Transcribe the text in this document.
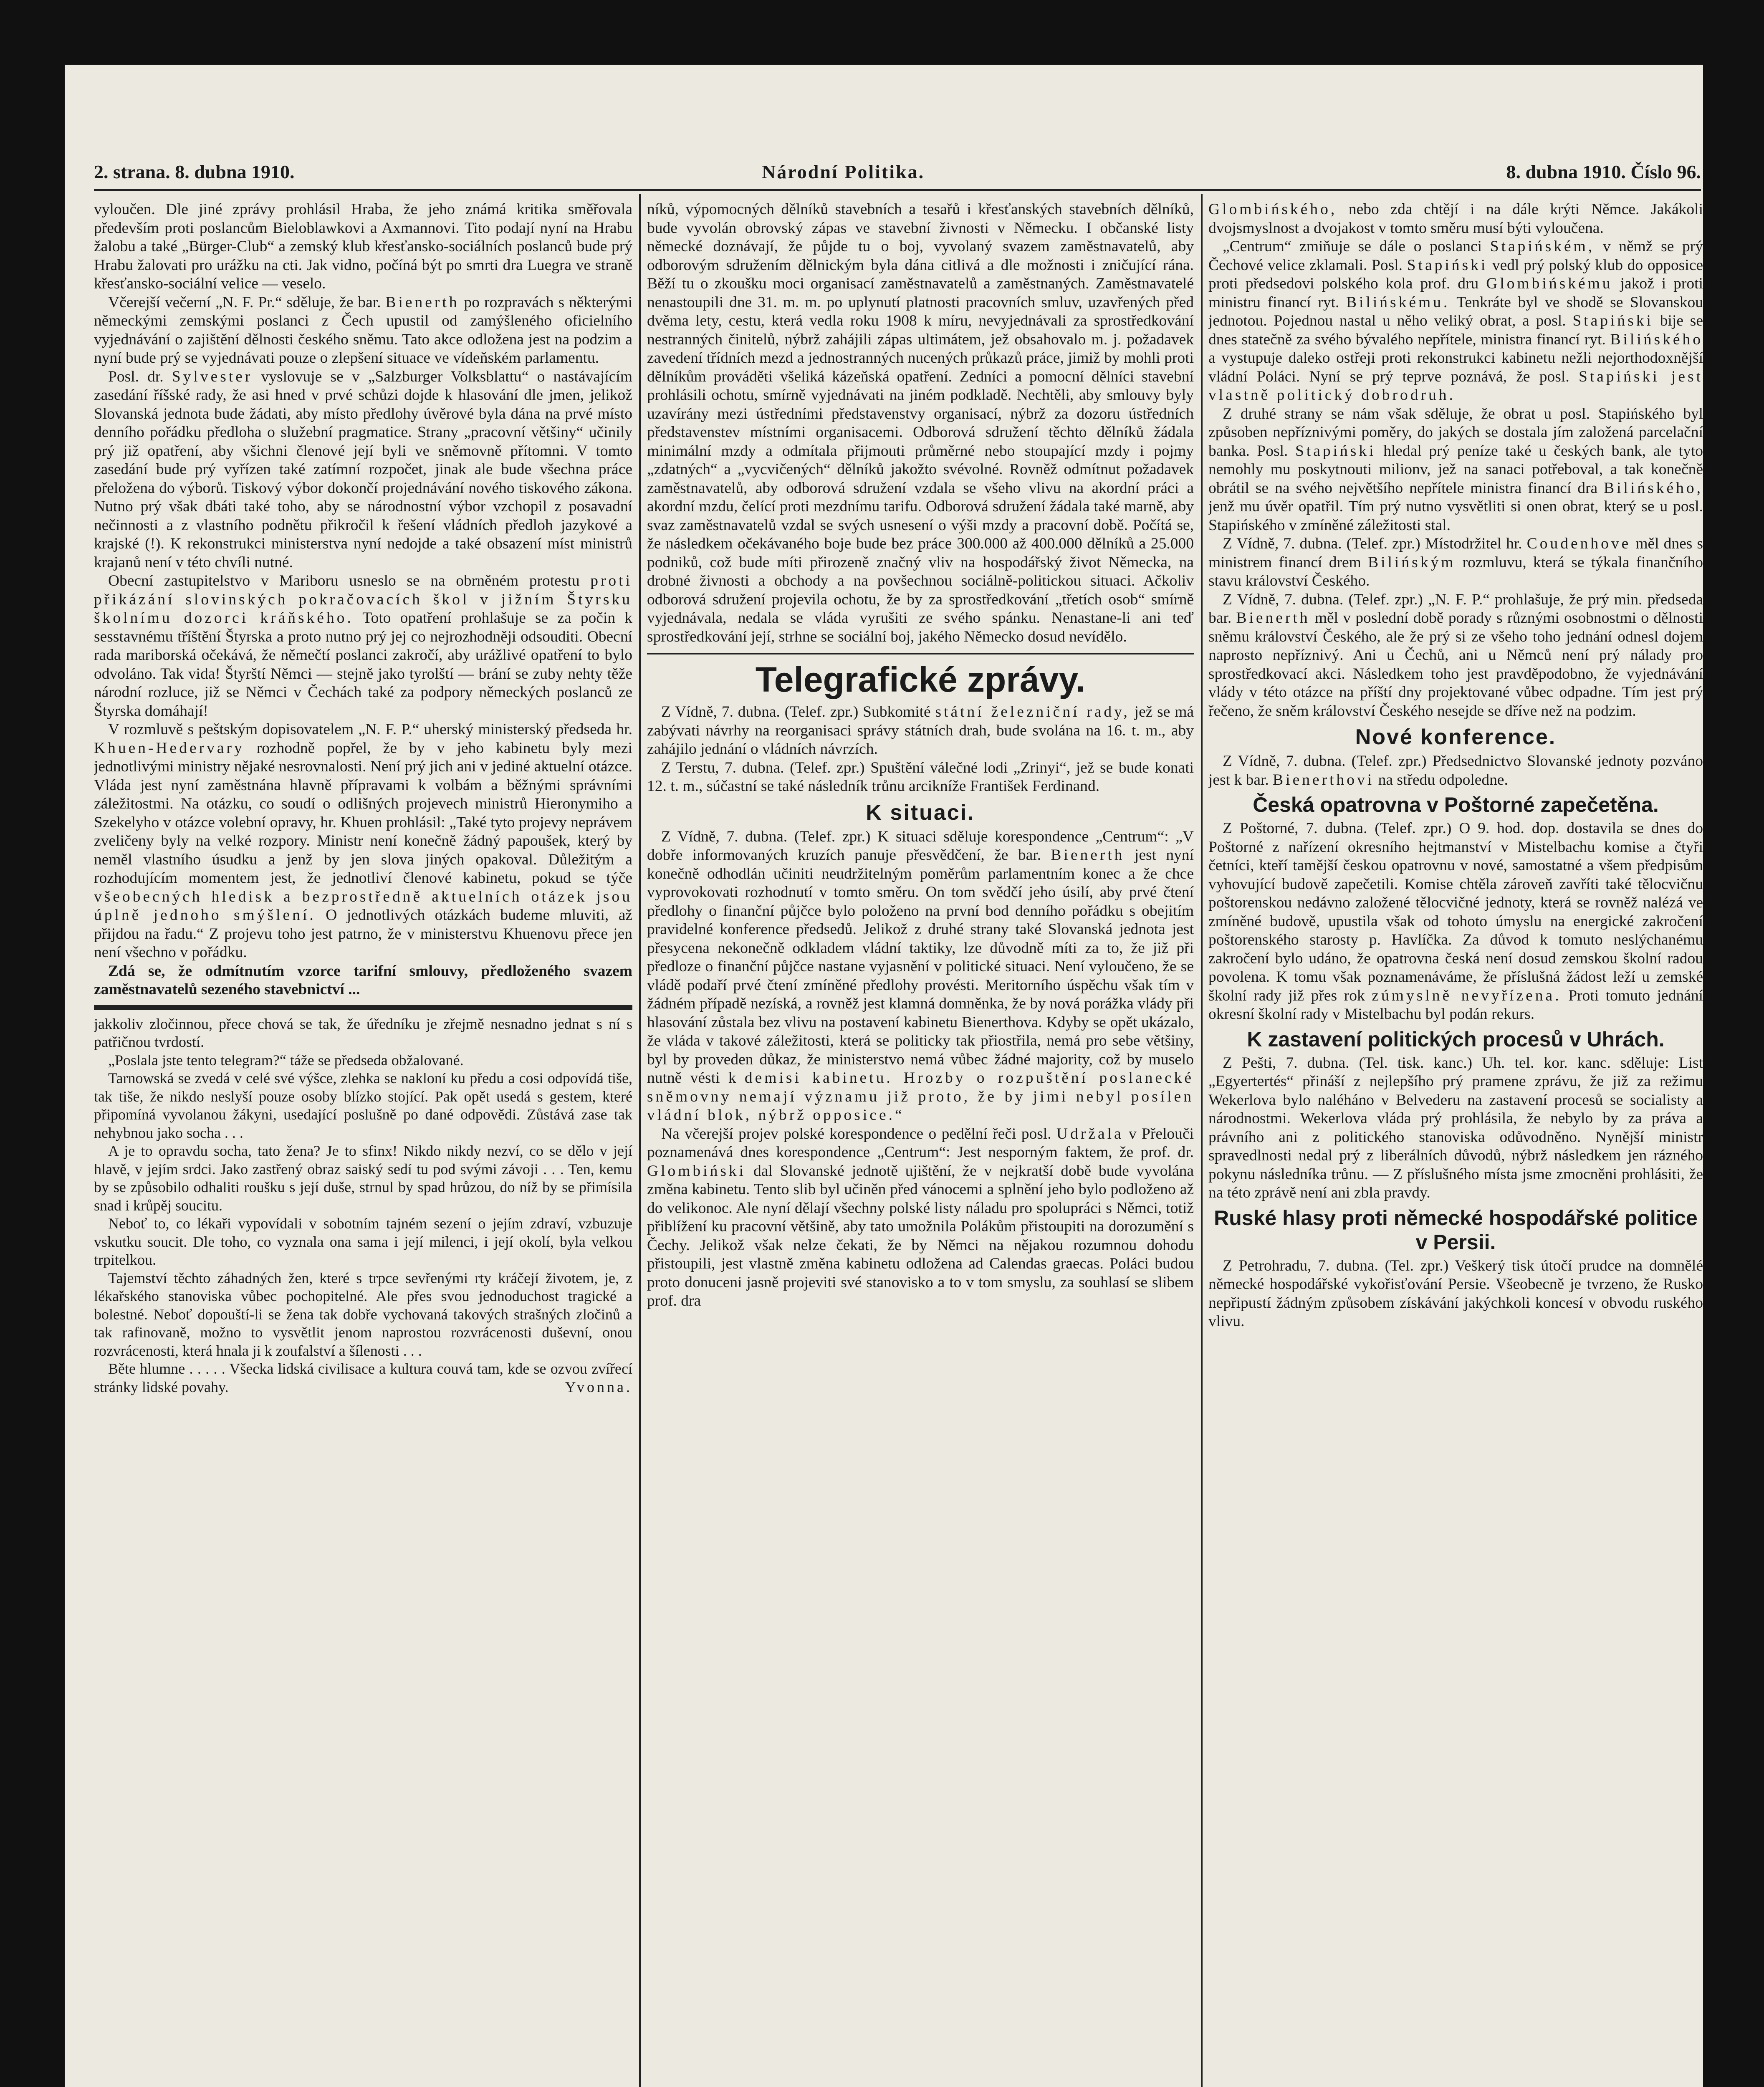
2. strana. 8. dubna 1910.	Národní Politika.	8. dubna 1910. Číslo 96.

vyloučen. Dle jiné zprávy prohlásil Hraba, že jeho známá kritika směřovala především proti poslancům Bieloblawkovi a Axmannovi. Tito podají nyní na Hrabu žalobu a také „Bürger-Club“ a zemský klub křesťansko-sociálních poslanců bude prý Hrabu žalovati pro urážku na cti. Jak vidno, počíná být po smrti dra Luegra ve straně křesťansko-sociální velice — veselo.

Včerejší večerní „N. F. Pr.“ sděluje, že bar. Bienerth po rozpravách s některými německými zemskými poslanci z Čech upustil od zamýšleného oficielního vyjednávání o zajištění dělnosti českého sněmu. Tato akce odložena jest na podzim a nyní bude prý se vyjednávati pouze o zlepšení situace ve vídeňském parlamentu.

Posl. dr. Sylvester vyslovuje se v „Salzburger Volksblattu“ o nastávajícím zasedání říšské rady, že asi hned v prvé schůzi dojde k hlasování dle jmen, jelikož Slovanská jednota bude žádati, aby místo předlohy úvěrové byla dána na prvé místo denního pořádku předloha o služební pragmatice. Strany „pracovní většiny“ učinily prý již opatření, aby všichni členové její byli ve sněmovně přítomni. V tomto zasedání bude prý vyřízen také zatímní rozpočet, jinak ale bude všechna práce přeložena do výborů. Tiskový výbor dokončí projednávání nového tiskového zákona. Nutno prý však dbáti také toho, aby se národnostní výbor vzchopil z posavadní nečinnosti a z vlastního podnětu přikročil k řešení vládních předloh jazykové a krajské (!). K rekonstrukci ministerstva nyní nedojde a také obsazení míst ministrů krajanů není v této chvíli nutné.

Obecní zastupitelstvo v Mariboru usneslo se na obrněném protestu proti přikázání slovinských pokračovacích škol v jižním Štyrsku školnímu dozorci kráňského. Toto opatření prohlašuje se za počin k sesstavnému tříštění Štyrska a proto nutno prý jej co nejrozhodněji odsouditi. Obecní rada mariborská očekává, že němečtí poslanci zakročí, aby urážlivé opatření to bylo odvoláno. Tak vida! Štyrští Němci — stejně jako tyrolští — brání se zuby nehty těže národní rozluce, již se Němci v Čechách také za podpory německých poslanců ze Štyrska domáhají!

V rozmluvě s peštským dopisovatelem „N. F. P.“ uherský ministerský předseda hr. Khuen-Hedervary rozhodně popřel, že by v jeho kabinetu byly mezi jednotlivými ministry nějaké nesrovnalosti. Není prý jich ani v jediné aktuelní otázce. Vláda jest nyní zaměstnána hlavně přípravami k volbám a běžnými správními záležitostmi. Na otázku, co soudí o odlišných projevech ministrů Hieronymiho a Szekelyho v otázce volební opravy, hr. Khuen prohlásil: „Také tyto projevy neprávem zveličeny byly na velké rozpory. Ministr není konečně žádný papoušek, který by neměl vlastního úsudku a jenž by jen slova jiných opakoval. Důležitým a rozhodujícím momentem jest, že jednotliví členové kabinetu, pokud se týče všeobecných hledisk a bezprostředně aktuelních otázek jsou úplně jednoho smýšlení. O jednotlivých otázkách budeme mluviti, až přijdou na řadu.“ Z projevu toho jest patrno, že v ministerstvu Khuenovu přece jen není všechno v pořádku.

Zdá se, že odmítnutím vzorce tarifní smlouvy, předloženého svazem zaměstnavatelů sezeného stavebnictví ...

jakkoliv zločinnou, přece chová se tak, že úředníku je zřejmě nesnadno jednat s ní s patřičnou tvrdostí.

„Poslala jste tento telegram?“ táže se předseda obžalované.

Tarnowská se zvedá v celé své výšce, zlehka se nakloní ku předu a cosi odpovídá tiše, tak tiše, že nikdo neslyší pouze osoby blízko stojící. Pak opět usedá s gestem, které připomíná vyvolanou žákyni, usedající poslušně po dané odpovědi. Zůstává zase tak nehybnou jako socha . . .

A je to opravdu socha, tato žena? Je to sfinx! Nikdo nikdy nezví, co se dělo v její hlavě, v jejím srdci. Jako zastřený obraz saiský sedí tu pod svými závoji . . . Ten, kemu by se způsobilo odhaliti roušku s její duše, strnul by spad hrůzou, do níž by se přimísila snad i krůpěj soucitu.

Neboť to, co lékaři vypovídali v sobotním tajném sezení o jejím zdraví, vzbuzuje vskutku soucit. Dle toho, co vyznala ona sama i její milenci, i její okolí, byla velkou trpitelkou.

Tajemství těchto záhadných žen, které s trpce sevřenými rty kráčejí životem, je, z lékařského stanoviska vůbec pochopitelné. Ale přes svou jednoduchost tragické a bolestné. Neboť dopouští-li se žena tak dobře vychovaná takových strašných zločinů a tak rafinovaně, možno to vysvětlit jenom naprostou rozvrácenosti duševní, onou rozvrácenosti, která hnala ji k zoufalství a šílenosti . . .

Běte hlumne . . . . . Všecka lidská civilisace a kultura couvá tam, kde se ozvou zvířecí stránky lidské povahy.	Yvonna.

níků, výpomocných dělníků stavebních a tesařů i křesťanských stavebních dělníků, bude vyvolán obrovský zápas ve stavební živnosti v Německu. I občanské listy německé doznávají, že půjde tu o boj, vyvolaný svazem zaměstnavatelů, aby odborovým sdružením dělnickým byla dána citlivá a dle možnosti i zničující rána. Běží tu o zkoušku moci organisací zaměstnavatelů a zaměstnaných. Zaměstnavatelé nenastoupili dne 31. m. m. po uplynutí platnosti pracovních smluv, uzavřených před dvěma lety, cestu, která vedla roku 1908 k míru, nevyjednávali za sprostředkování nestranných činitelů, nýbrž zahájili zápas ultimátem, jež obsahovalo m. j. požadavek zavedení třídních mezd a jednostranných nucených průkazů práce, jimiž by mohli proti dělníkům prováděti všeliká kázeňská opatření. Zedníci a pomocní dělníci stavební prohlásili ochotu, smírně vyjednávati na jiném podkladě. Nechtěli, aby smlouvy byly uzavírány mezi ústředními představenstvy organisací, nýbrž za dozoru ústředních představenstev místními organisacemi. Odborová sdružení těchto dělníků žádala minimální mzdy a odmítala přijmouti průměrné nebo stoupající mzdy i pojmy „zdatných“ a „vycvičených“ dělníků jakožto svévolné. Rovněž odmítnut požadavek zaměstnavatelů, aby odborová sdružení vzdala se všeho vlivu na akordní práci a akordní mzdu, čelící proti mezdnímu tarifu. Odborová sdružení žádala také marně, aby svaz zaměstnavatelů vzdal se svých usnesení o výši mzdy a pracovní době. Počítá se, že následkem očekávaného boje bude bez práce 300.000 až 400.000 dělníků a 25.000 podniků, což bude míti přirozeně značný vliv na hospodářský život Německa, na drobné živnosti a obchody a na povšechnou sociálně-politickou situaci. Ačkoliv odborová sdružení projevila ochotu, že by za sprostředkování „třetích osob“ smírně vyjednávala, nedala se vláda vyrušiti ze svého spánku. Nenastane-li ani teď sprostředkování její, strhne se sociální boj, jakého Německo dosud nevídělo.

Telegrafické zprávy.

Z Vídně, 7. dubna. (Telef. zpr.) Subkomité státní železniční rady, jež se má zabývati návrhy na reorganisaci správy státních drah, bude svolána na 16. t. m., aby zahájilo jednání o vládních návrzích.

Z Terstu, 7. dubna. (Telef. zpr.) Spuštění válečné lodi „Zrinyi“, jež se bude konati 12. t. m., súčastní se také následník trůnu arcikníže František Ferdinand.

K situaci.

Z Vídně, 7. dubna. (Telef. zpr.) K situaci sděluje korespondence „Centrum“: „V dobře informovaných kruzích panuje přesvědčení, že bar. Bienerth jest nyní konečně odhodlán učiniti neudržitelným poměrům parlamentním konec a že chce vyprovokovati rozhodnutí v tomto směru. On tom svědčí jeho úsilí, aby prvé čtení předlohy o finanční půjčce bylo položeno na první bod denního pořádku s obejitím pravidelné konference předsedů. Jelikož z druhé strany také Slovanská jednota jest přesycena nekonečně odkladem vládní taktiky, lze důvodně míti za to, že již při předloze o finanční půjčce nastane vyjasnění v politické situaci. Není vyloučeno, že se vládě podaří prvé čtení zmíněné předlohy provésti. Meritorního úspěchu však tím v žádném případě nezíská, a rovněž jest klamná domněnka, že by nová porážka vlády při hlasování zůstala bez vlivu na postavení kabinetu Bienerthova. Kdyby se opět ukázalo, že vláda v takové záležitosti, která se politicky tak přiostřila, nemá pro sebe většiny, byl by proveden důkaz, že ministerstvo nemá vůbec žádné majority, což by muselo nutně vésti k demisi kabinetu. Hrozby o rozpuštění poslanecké sněmovny nemají významu již proto, že by jimi nebyl posílen vládní blok, nýbrž opposice.“

Na včerejší projev polské korespondence o pedělní řeči posl. Udržala v Přelouči poznamenává dnes korespondence „Centrum“: Jest nesporným faktem, že prof. dr. Glombiński dal Slovanské jednotě ujištění, že v nejkratší době bude vyvolána změna kabinetu. Tento slib byl učiněn před vánocemi a splnění jeho bylo podloženo až do velikonoc. Ale nyní dělají všechny polské listy náladu pro spolupráci s Němci, totiž přiblížení ku pracovní většině, aby tato umožnila Polákům přistoupiti na dorozumění s Čechy. Jelikož však nelze čekati, že by Němci na nějakou rozumnou dohodu přistoupili, jest vlastně změna kabinetu odložena ad Calendas graecas. Poláci budou proto donuceni jasně projeviti své stanovisko a to v tom smyslu, za souhlasí se slibem prof. dra

Glombińského, nebo zda chtějí i na dále krýti Němce. Jakákoli dvojsmyslnost a dvojakost v tomto směru musí býti vyloučena.

„Centrum“ zmiňuje se dále o poslanci Stapińském, v němž se prý Čechové velice zklamali. Posl. Stapiński vedl prý polský klub do opposice proti předsedovi polského kola prof. dru Glombińskému jakož i proti ministru financí ryt. Bilińskému. Tenkráte byl ve shodě se Slovanskou jednotou. Pojednou nastal u něho veliký obrat, a posl. Stapiński bije se dnes statečně za svého bývalého nepřítele, ministra financí ryt. Bilińského a vystupuje daleko ostřeji proti rekonstrukci kabinetu nežli nejorthodoxnější vládní Poláci. Nyní se prý teprve poznává, že posl. Stapiński jest vlastně politický dobrodruh.

Z druhé strany se nám však sděluje, že obrat u posl. Stapińského byl způsoben nepříznivými poměry, do jakých se dostala jím založená parcelační banka. Posl. Stapiński hledal prý peníze také u českých bank, ale tyto nemohly mu poskytnouti milionv, jež na sanaci potřeboval, a tak konečně obrátil se na svého největšího nepřítele ministra financí dra Bilińského, jenž mu úvěr opatřil. Tím prý nutno vysvětliti si onen obrat, který se u posl. Stapińského v zmíněné záležitosti stal.

Z Vídně, 7. dubna. (Telef. zpr.) Místodržitel hr. Coudenhove měl dnes s ministrem financí drem Bilińským rozmluvu, která se týkala finančního stavu království Českého.

Z Vídně, 7. dubna. (Telef. zpr.) „N. F. P.“ prohlašuje, že prý min. předseda bar. Bienerth měl v poslední době porady s různými osobnostmi o dělnosti sněmu království Českého, ale že prý si ze všeho toho jednání odnesl dojem naprosto nepříznivý. Ani u Čechů, ani u Němců není prý nálady pro sprostředkovací akci. Následkem toho jest pravděpodobno, že vyjednávání vlády v této otázce na příští dny projektované vůbec odpadne. Tím jest prý řečeno, že sněm království Českého nesejde se dříve než na podzim.

Nové konference.

Z Vídně, 7. dubna. (Telef. zpr.) Předsednictvo Slovanské jednoty pozváno jest k bar. Bienerthovi na středu odpoledne.

Česká opatrovna v Poštorné zapečetěna.

Z Poštorné, 7. dubna. (Telef. zpr.) O 9. hod. dop. dostavila se dnes do Poštorné z nařízení okresního hejtmanství v Mistelbachu komise a čtyři četníci, kteří tamější českou opatrovnu v nové, samostatné a všem předpisům vyhovující budově zapečetili. Komise chtěla zároveň zavříti také tělocvičnu poštorenskou nedávno založené tělocvičné jednoty, která se rovněž nalézá ve zmíněné budově, upustila však od tohoto úmyslu na energické zakročení poštorenského starosty p. Havlíčka. Za důvod k tomuto neslýchanému zakročení bylo udáno, že opatrovna česká není dosud zemskou školní radou povolena. K tomu však poznamenáváme, že příslušná žádost leží u zemské školní rady již přes rok zúmyslně nevyřízena. Proti tomuto jednání okresní školní rady v Mistelbachu byl podán rekurs.

K zastavení politických procesů v Uhrách.

Z Pešti, 7. dubna. (Tel. tisk. kanc.) Uh. tel. kor. kanc. sděluje: List „Egyertertés“ přináší z nejlepšího prý pramene zprávu, že již za režimu Wekerlova bylo naléháno v Belvederu na zastavení procesů se socialisty a národnostmi. Wekerlova vláda prý prohlásila, že nebylo by za práva a právního ani z politického stanoviska odůvodněno. Nynější ministr spravedlnosti nedal prý z liberálních důvodů, nýbrž následkem jen rázného pokynu následníka trůnu. — Z příslušného místa jsme zmocněni prohlásiti, že na této zprávě není ani zbla pravdy.

Ruské hlasy proti německé hospodářské politice v Persii.

Z Petrohradu, 7. dubna. (Tel. zpr.) Veškerý tisk útočí prudce na domnělé německé hospodářské vykořisťování Persie. Všeobecně je tvrzeno, že Rusko nepřipustí žádným způsobem získávání jakýchkoli koncesí v obvodu ruského vlivu.
